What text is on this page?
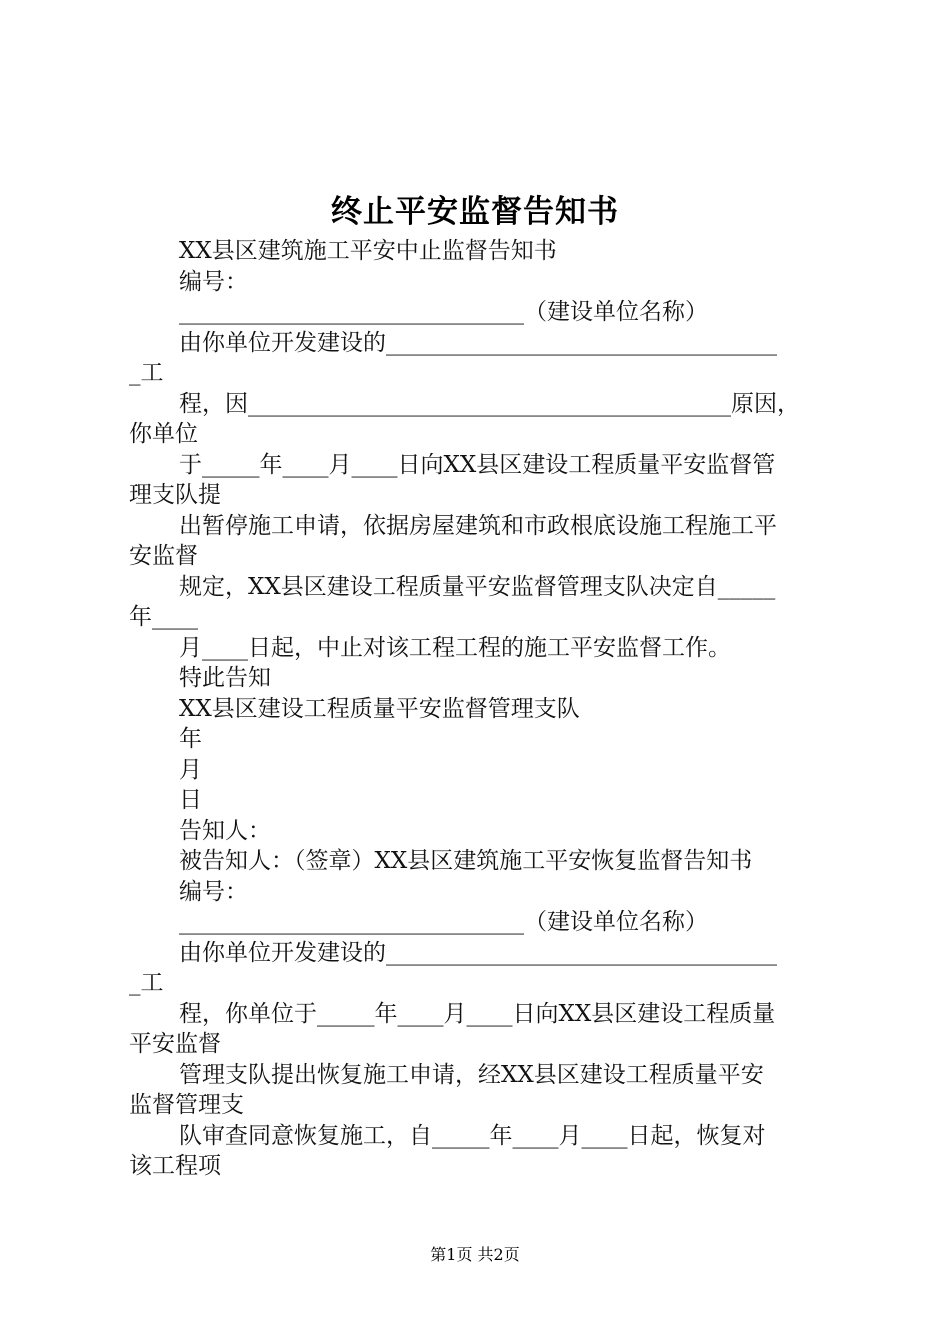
终止平安监督告知书
XX县区建筑施工平安中止监督告知书
编号：
______________________________（建设单位名称）
由你单位开发建设的__________________________________
_工
程，因__________________________________________原因，
你单位
于_____年____月____日向XX县区建设工程质量平安监督管
理支队提
出暂停施工申请，依据房屋建筑和市政根底设施工程施工平
安监督
规定，XX县区建设工程质量平安监督管理支队决定自_____
年____
月____日起，中止对该工程工程的施工平安监督工作。
特此告知
XX县区建设工程质量平安监督管理支队
年
月
日
告知人：
被告知人：（签章）XX县区建筑施工平安恢复监督告知书
编号：
______________________________（建设单位名称）
由你单位开发建设的__________________________________
_工
程，你单位于_____年____月____日向XX县区建设工程质量
平安监督
管理支队提出恢复施工申请，经XX县区建设工程质量平安
监督管理支
队审查同意恢复施工，自_____年____月____日起，恢复对
该工程项
第1页 共2页
